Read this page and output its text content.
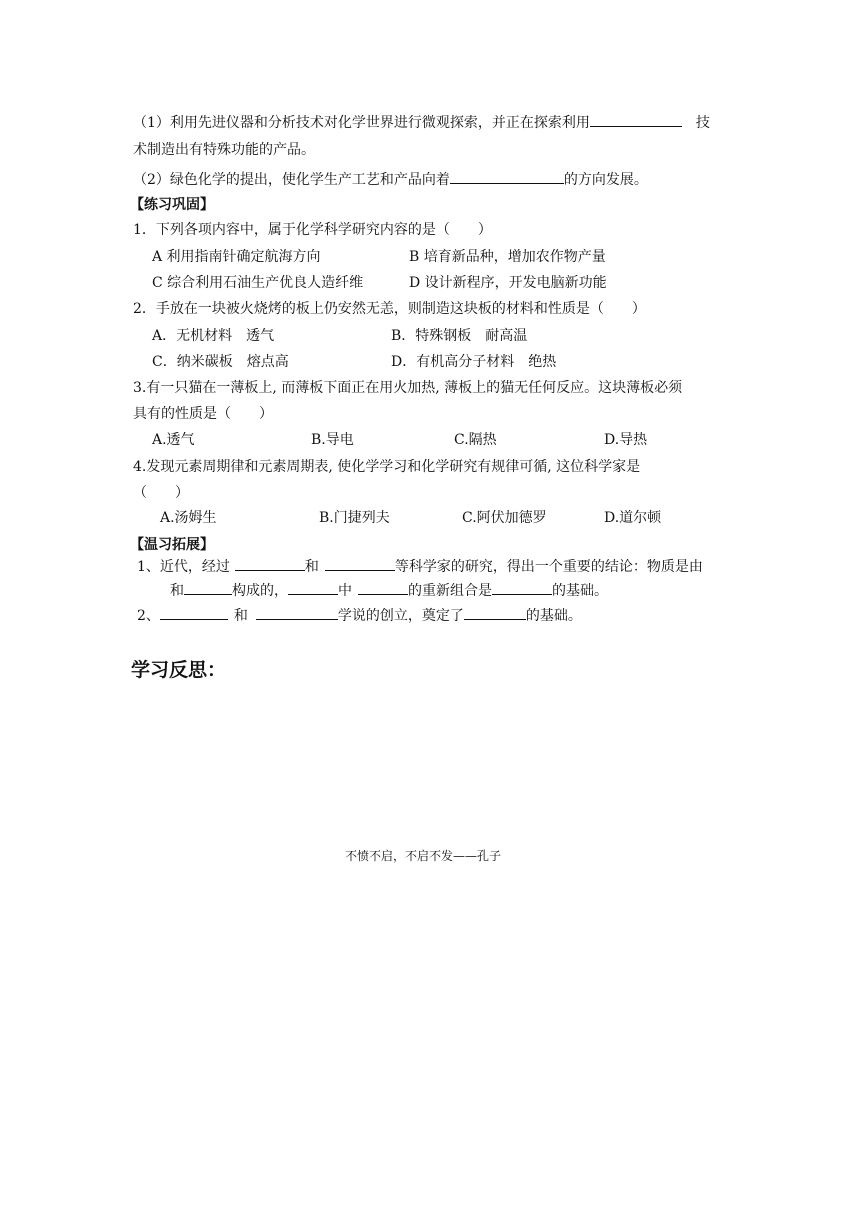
（1）利用先进仪器和分析技术对化学世界进行微观探索，并正在探索利用	技
术制造出有特殊功能的产品。
（2）绿色化学的提出，使化学生产工艺和产品向着	的方向发展。
【练习巩固】
1．下列各项内容中，属于化学科学研究内容的是（　　）
A 利用指南针确定航海方向	B 培育新品种，增加农作物产量
C 综合利用石油生产优良人造纤维	D 设计新程序，开发电脑新功能
2．手放在一块被火烧烤的板上仍安然无恙，则制造这块板的材料和性质是（　　）
A．无机材料　透气	B．特殊钢板　耐高温
C．纳米碳板　熔点高	D．有机高分子材料　绝热
3.有一只猫在一薄板上, 而薄板下面正在用火加热, 薄板上的猫无任何反应。这块薄板必须
具有的性质是（　　）
A.透气	B.导电	C.隔热	D.导热
4.发现元素周期律和元素周期表, 使化学学习和化学研究有规律可循, 这位科学家是
（　　）
A.汤姆生	B.门捷列夫	C.阿伏加德罗	D.道尔顿
【温习拓展】
1、近代，经过	和	等科学家的研究，得出一个重要的结论：物质是由
和	构成的，	中	的重新组合是	的基础。
2、	和	学说的创立，奠定了	的基础。
学习反思：
不愤不启，不启不发——孔子
